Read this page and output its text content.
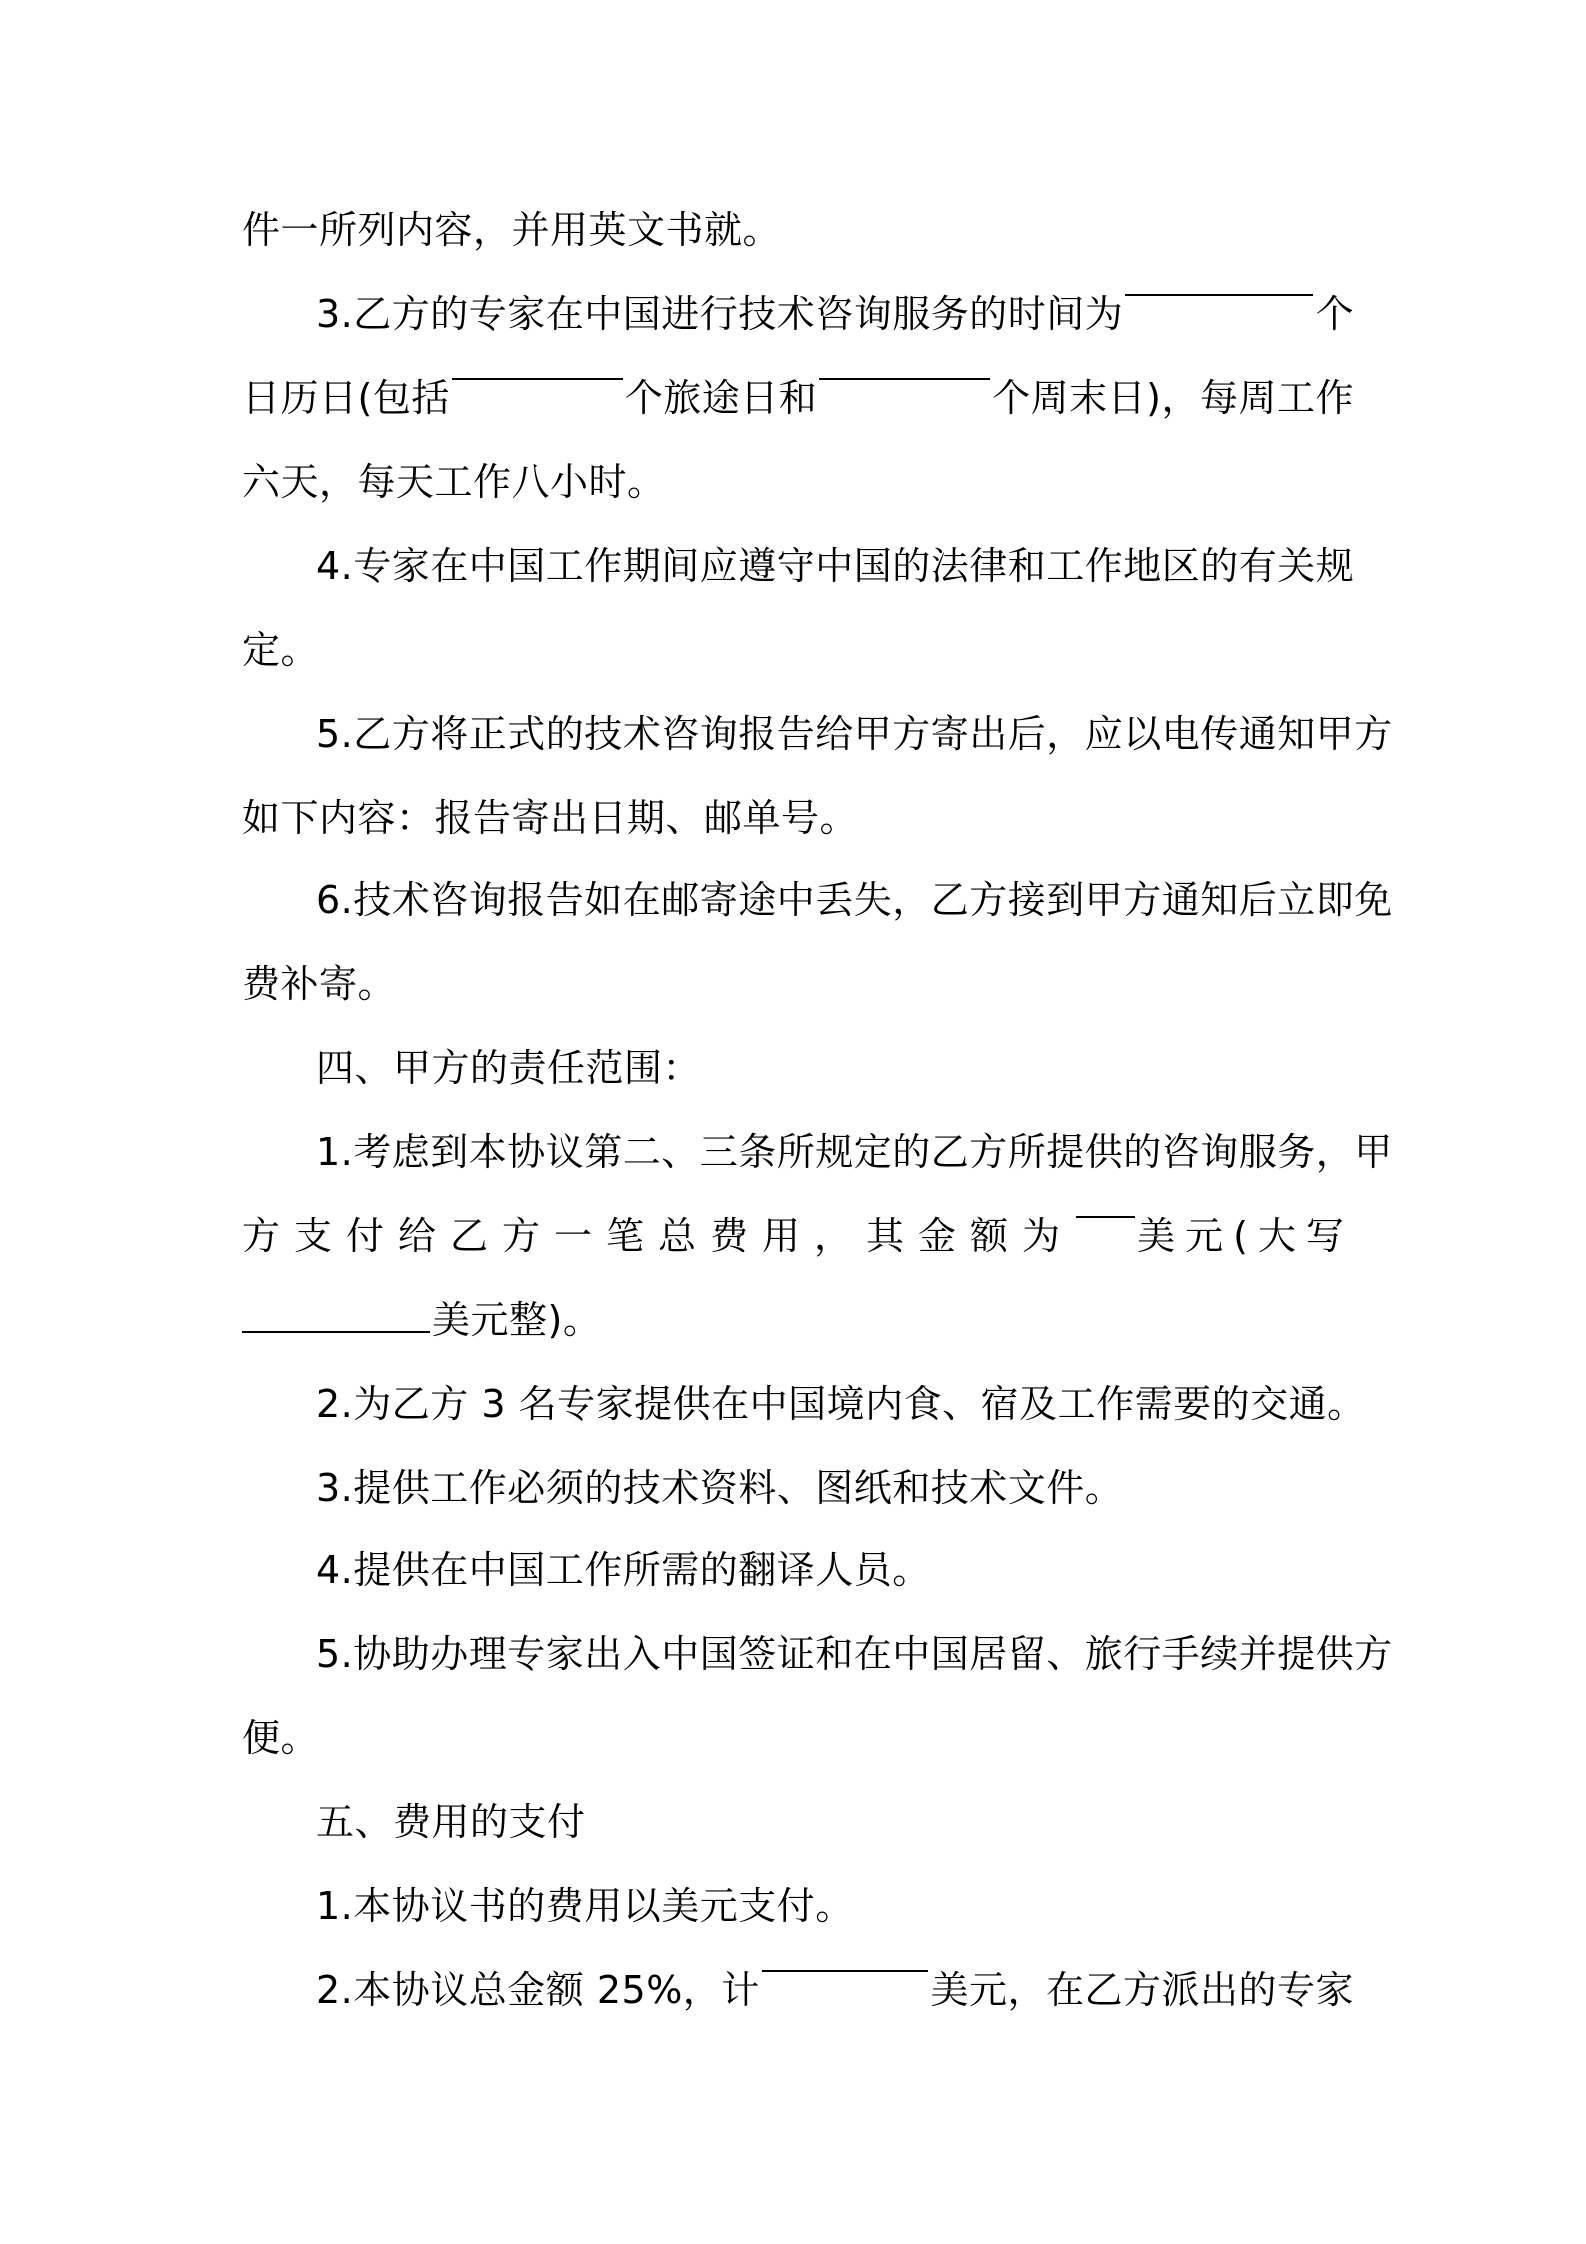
件一所列内容，并用英文书就。
3.乙方的专家在中国进行技术咨询服务的时间为	个
日历日(包括	个旅途日和	个周末日)，每周工作
六天，每天工作八小时。
4.专家在中国工作期间应遵守中国的法律和工作地区的有关规
定。
5.乙方将正式的技术咨询报告给甲方寄出后，应以电传通知甲方
如下内容：报告寄出日期、邮单号。
6.技术咨询报告如在邮寄途中丢失，乙方接到甲方通知后立即免
费补寄。
四、甲方的责任范围：
1.考虑到本协议第二、三条所规定的乙方所提供的咨询服务，甲
方支付给乙方一笔总费用，其金额为 美元(大写
美元整)。
2.为乙方 3 名专家提供在中国境内食、宿及工作需要的交通。
3.提供工作必须的技术资料、图纸和技术文件。
4.提供在中国工作所需的翻译人员。
5.协助办理专家出入中国签证和在中国居留、旅行手续并提供方
便。
五、费用的支付
1.本协议书的费用以美元支付。
2.本协议总金额 25%，计	美元，在乙方派出的专家
